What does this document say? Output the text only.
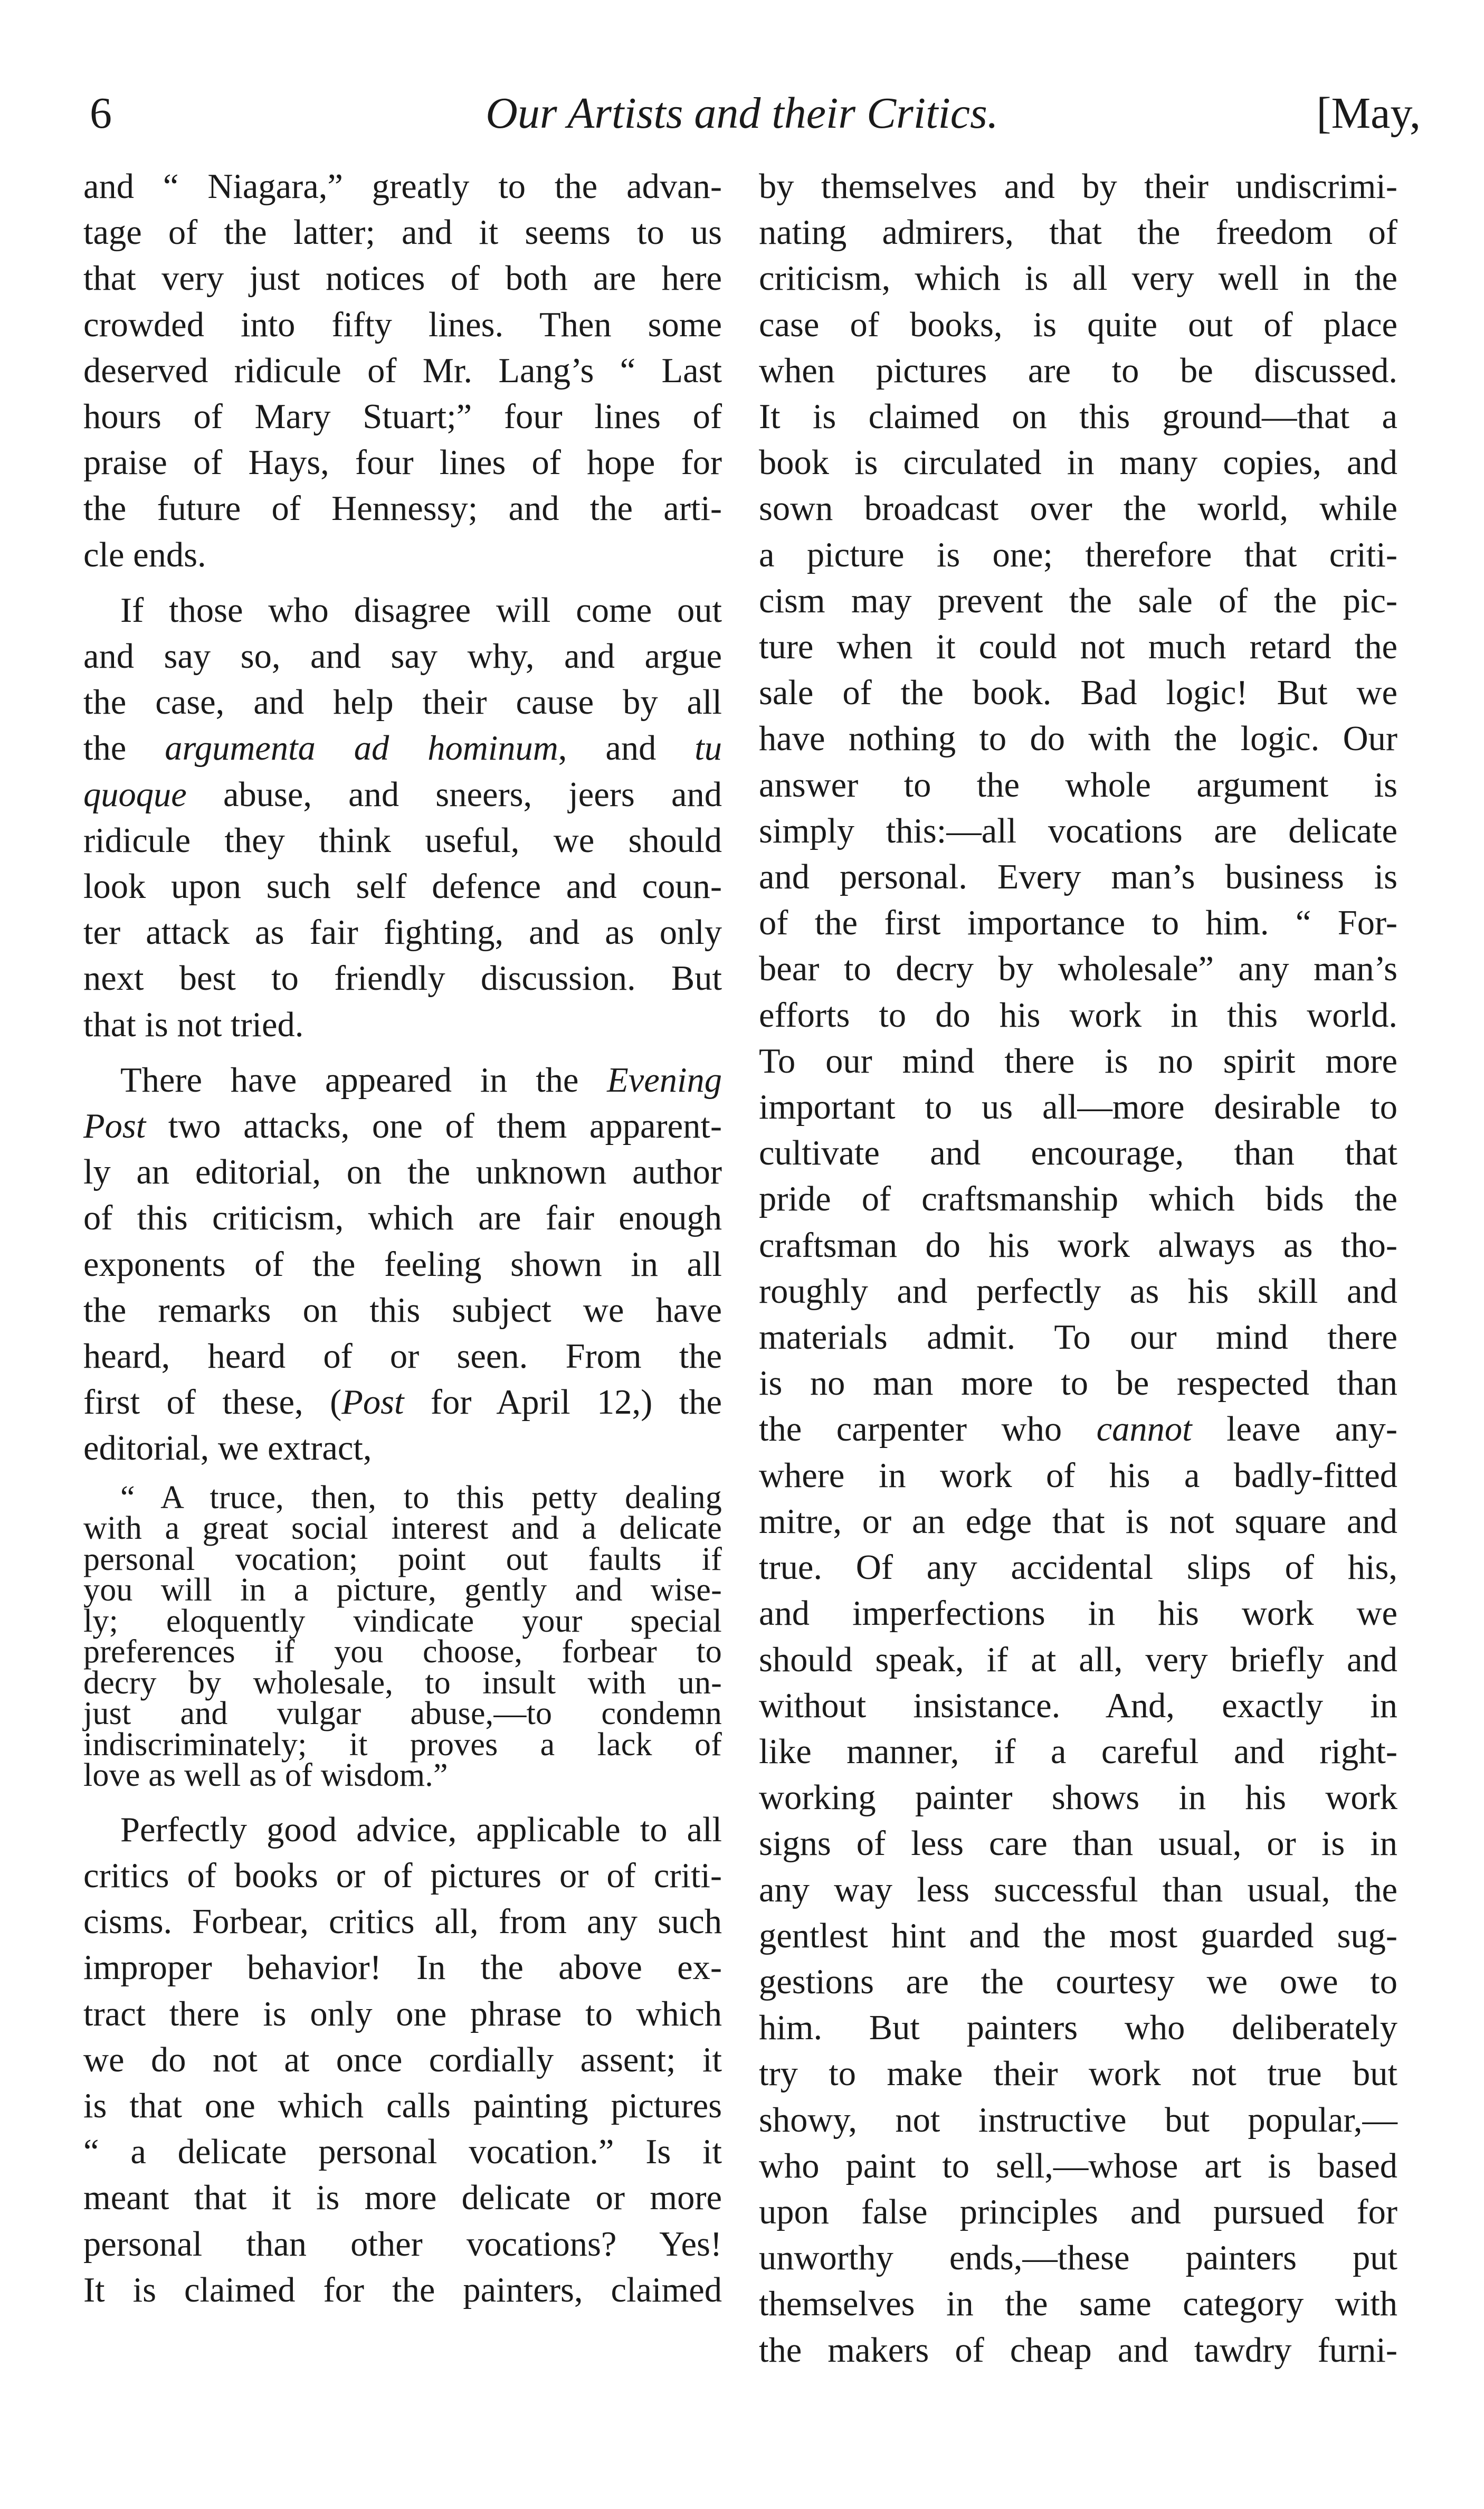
Our Artists and their Critics.
6	[May,

and “ Niagara,” greatly to the advan-
tage of the latter; and it seems to us
that very just notices of both are here
crowded into fifty lines. Then some
deserved ridicule of Mr. Lang’s “ Last
hours of Mary Stuart;” four lines of
praise of Hays, four lines of hope for
the future of Hennessy; and the arti-
cle ends.

If those who disagree will come out
and say so, and say why, and argue
the case, and help their cause by all
the argumenta ad hominum, and tu
quoque abuse, and sneers, jeers and
ridicule they think useful, we should
look upon such self defence and coun-
ter attack as fair fighting, and as only
next best to friendly discussion. But
that is not tried.

There have appeared in the Evening
Post two attacks, one of them apparent-
ly an editorial, on the unknown author
of this criticism, which are fair enough
exponents of the feeling shown in all
the remarks on this subject we have
heard, heard of or seen. From the
first of these, (Post for April 12,) the
editorial, we extract,

“ A truce, then, to this petty dealing
with a great social interest and a delicate
personal vocation; point out faults if
you will in a picture, gently and wise-
ly; eloquently vindicate your special
preferences if you choose, forbear to
decry by wholesale, to insult with un-
just and vulgar abuse,—to condemn
indiscriminately; it proves a lack of
love as well as of wisdom.”

Perfectly good advice, applicable to all
critics of books or of pictures or of criti-
cisms. Forbear, critics all, from any such
improper behavior! In the above ex-
tract there is only one phrase to which
we do not at once cordially assent; it
is that one which calls painting pictures
“ a delicate personal vocation.” Is it
meant that it is more delicate or more
personal than other vocations? Yes!
It is claimed for the painters, claimed

by themselves and by their undiscrimi-
nating admirers, that the freedom of
criticism, which is all very well in the
case of books, is quite out of place
when pictures are to be discussed.
It is claimed on this ground—that a
book is circulated in many copies, and
sown broadcast over the world, while
a picture is one; therefore that criti-
cism may prevent the sale of the pic-
ture when it could not much retard the
sale of the book. Bad logic! But we
have nothing to do with the logic. Our
answer to the whole argument is
simply this:—all vocations are delicate
and personal. Every man’s business is
of the first importance to him. “ For-
bear to decry by wholesale” any man’s
efforts to do his work in this world.
To our mind there is no spirit more
important to us all—more desirable to
cultivate and encourage, than that
pride of craftsmanship which bids the
craftsman do his work always as tho-
roughly and perfectly as his skill and
materials admit. To our mind there
is no man more to be respected than
the carpenter who cannot leave any-
where in work of his a badly-fitted
mitre, or an edge that is not square and
true. Of any accidental slips of his,
and imperfections in his work we
should speak, if at all, very briefly and
without insistance. And, exactly in
like manner, if a careful and right-
working painter shows in his work
signs of less care than usual, or is in
any way less successful than usual, the
gentlest hint and the most guarded sug-
gestions are the courtesy we owe to
him. But painters who deliberately
try to make their work not true but
showy, not instructive but popular,—
who paint to sell,—whose art is based
upon false principles and pursued for
unworthy ends,—these painters put
themselves in the same category with
the makers of cheap and tawdry furni-
